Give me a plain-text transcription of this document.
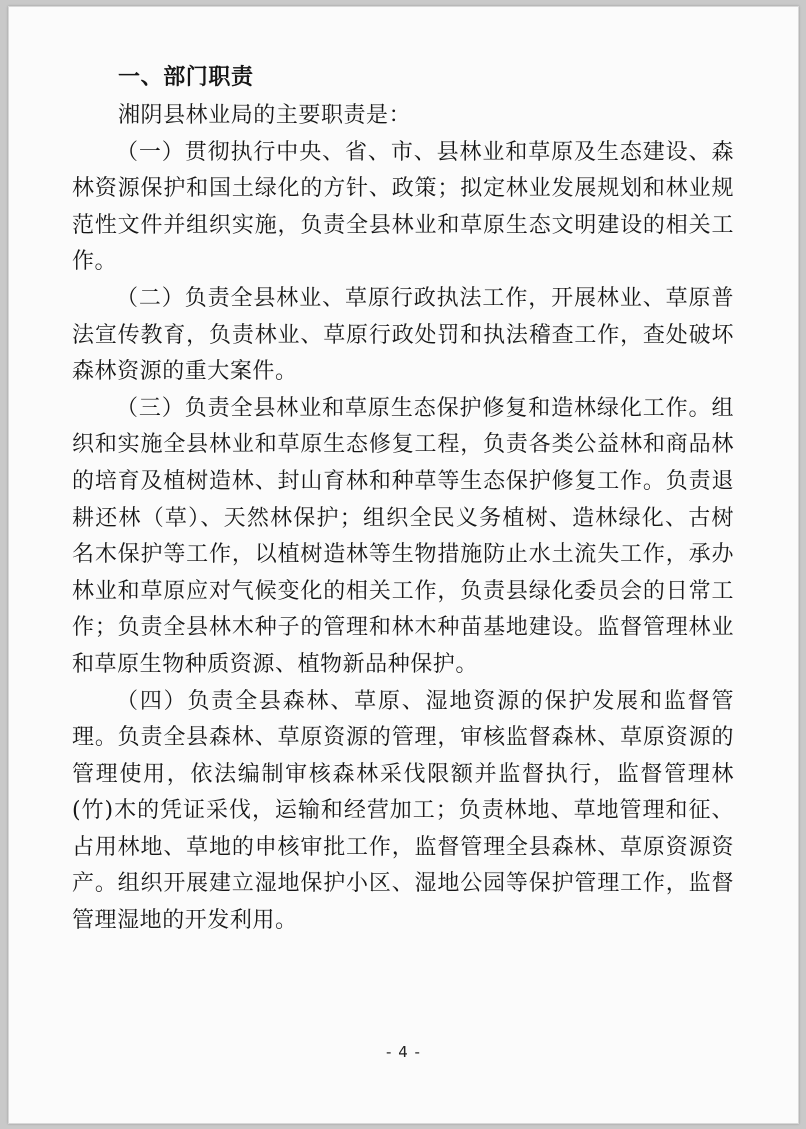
一、部门职责

湘阴县林业局的主要职责是：

（一）贯彻执行中央、省、市、县林业和草原及生态建设、森林资源保护和国土绿化的方针、政策；拟定林业发展规划和林业规范性文件并组织实施，负责全县林业和草原生态文明建设的相关工作。

（二）负责全县林业、草原行政执法工作，开展林业、草原普法宣传教育，负责林业、草原行政处罚和执法稽查工作，查处破坏森林资源的重大案件。

（三）负责全县林业和草原生态保护修复和造林绿化工作。组织和实施全县林业和草原生态修复工程，负责各类公益林和商品林的培育及植树造林、封山育林和种草等生态保护修复工作。负责退耕还林（草）、天然林保护；组织全民义务植树、造林绿化、古树名木保护等工作，以植树造林等生物措施防止水土流失工作，承办林业和草原应对气候变化的相关工作，负责县绿化委员会的日常工作；负责全县林木种子的管理和林木种苗基地建设。监督管理林业和草原生物种质资源、植物新品种保护。

（四）负责全县森林、草原、湿地资源的保护发展和监督管理。负责全县森林、草原资源的管理，审核监督森林、草原资源的管理使用，依法编制审核森林采伐限额并监督执行，监督管理林(竹)木的凭证采伐，运输和经营加工；负责林地、草地管理和征、占用林地、草地的申核审批工作，监督管理全县森林、草原资源资产。组织开展建立湿地保护小区、湿地公园等保护管理工作，监督管理湿地的开发利用。

- 4 -
